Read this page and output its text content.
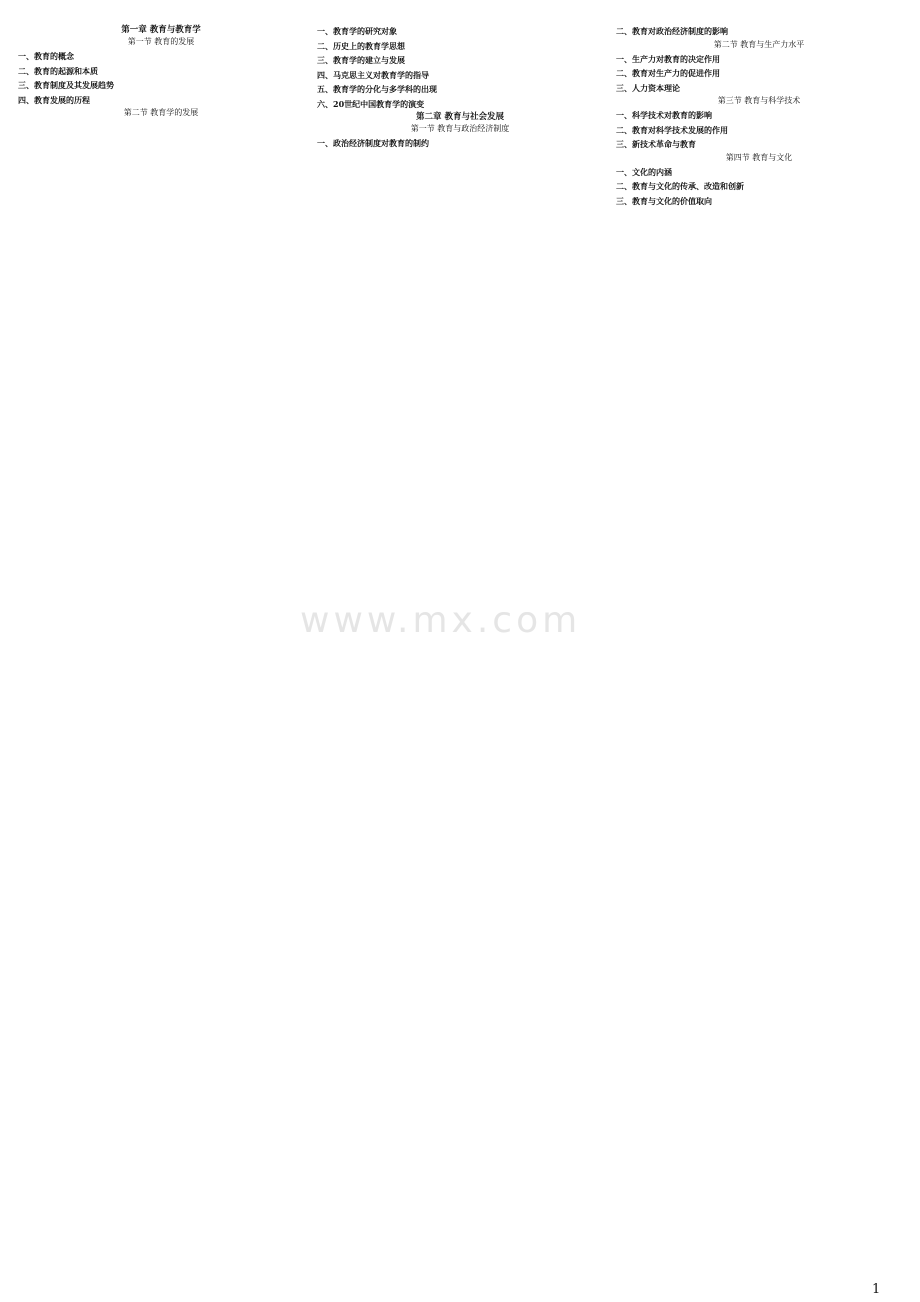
第一章 教育与教育学
第一节 教育的发展
一、教育的概念
二、教育的起源和本质
三、教育制度及其发展趋势
四、教育发展的历程
第二节 教育学的发展
一、教育学的研究对象
二、历史上的教育学思想
三、教育学的建立与发展
四、马克思主义对教育学的指导
五、教育学的分化与多学科的出现
六、20世纪中国教育学的演变
第二章 教育与社会发展
第一节 教育与政治经济制度
一、政治经济制度对教育的制约
二、教育对政治经济制度的影响
第二节 教育与生产力水平
一、生产力对教育的决定作用
二、教育对生产力的促进作用
三、人力资本理论
第三节 教育与科学技术
一、科学技术对教育的影响
二、教育对科学技术发展的作用
三、新技术革命与教育
第四节 教育与文化
一、文化的内涵
二、教育与文化的传承、改造和创新
三、教育与文化的价值取向
www.mx.com
1
